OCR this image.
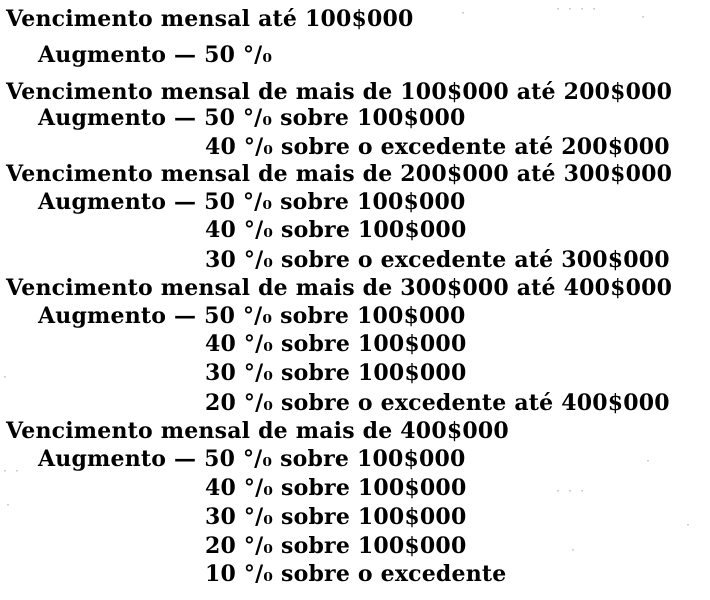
Vencimento mensal até 100$000
Augmento — 50 °/₀
Vencimento mensal de mais de 100$000 até 200$000
Augmento — 50 °/₀ sobre 100$000
40 °/₀ sobre o excedente até 200$000
Vencimento mensal de mais de 200$000 até 300$000
Augmento — 50 °/₀ sobre 100$000
40 °/₀ sobre 100$000
30 °/₀ sobre o excedente até 300$000
Vencimento mensal de mais de 300$000 até 400$000
Augmento — 50 °/₀ sobre 100$000
40 °/₀ sobre 100$000
30 °/₀ sobre 100$000
20 °/₀ sobre o excedente até 400$000
Vencimento mensal de mais de 400$000
Augmento — 50 °/₀ sobre 100$000
40 °/₀ sobre 100$000
30 °/₀ sobre 100$000
20 °/₀ sobre 100$000
10 °/₀ sobre o excedente
·	· · · ·
·
·
· ·
·
· · ·
·
·
·
